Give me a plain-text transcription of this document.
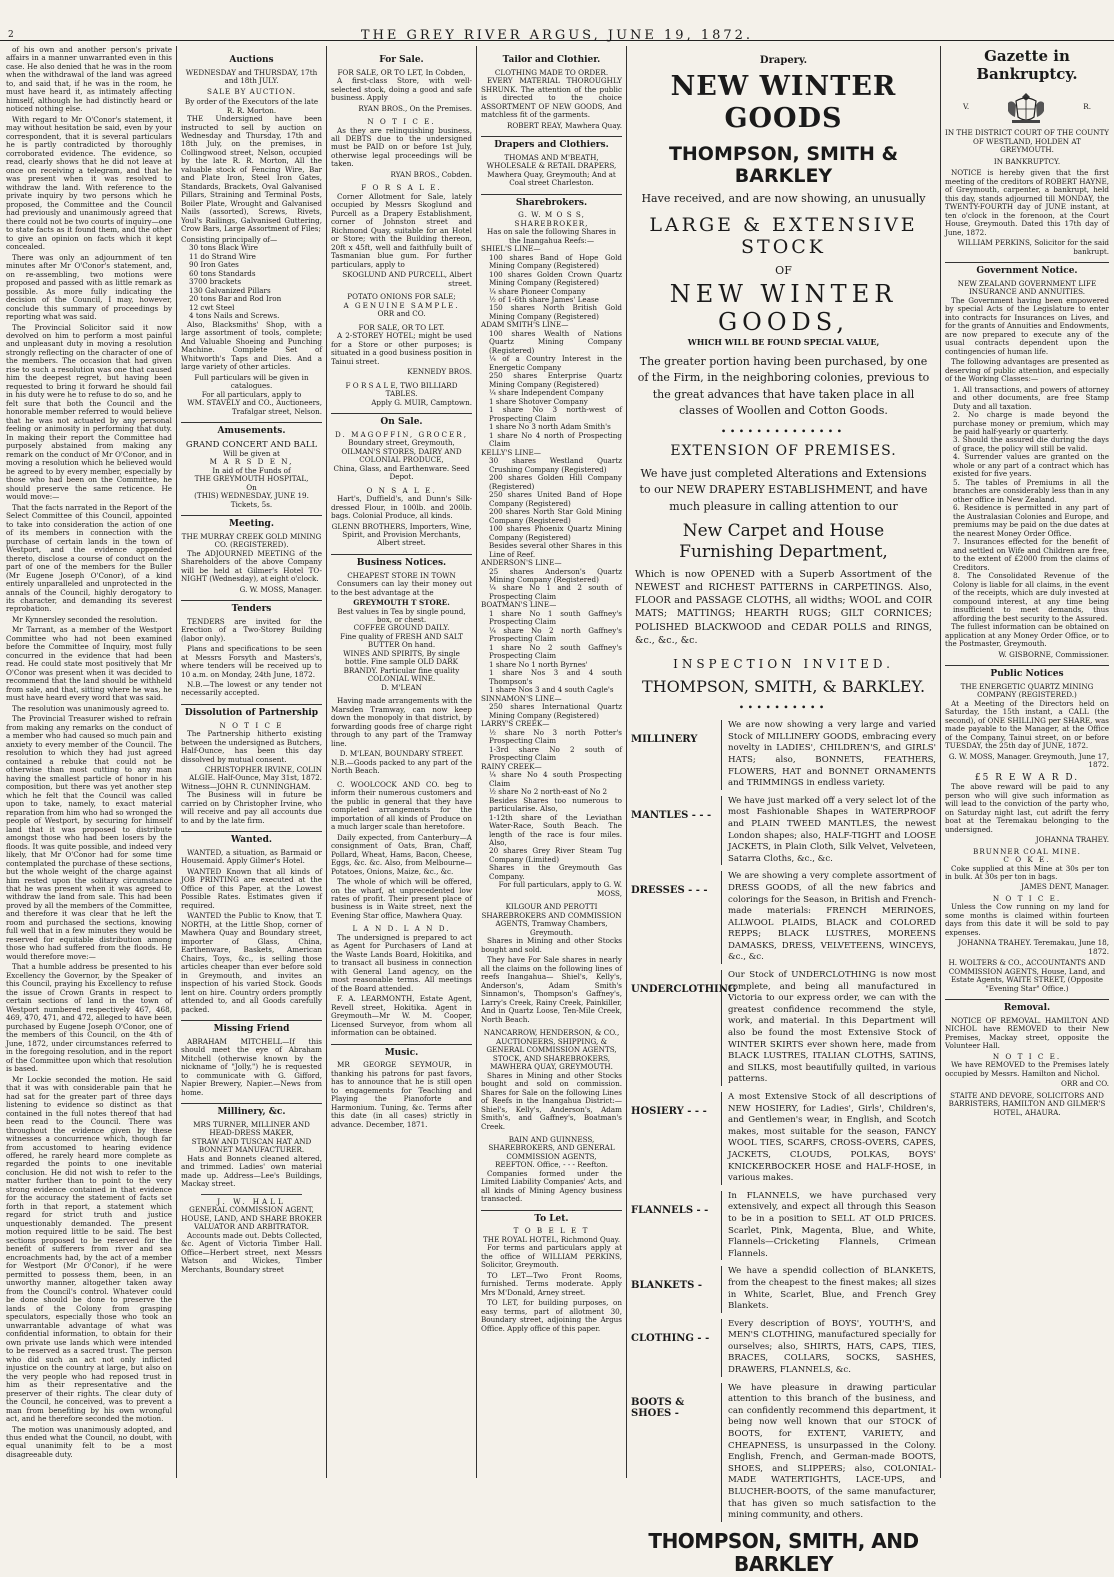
2	THE GREY RIVER ARGUS, JUNE 19, 1872.

of his own and another person's private affairs in a manner unwarranted even in this case. He also denied that he was in the room when the withdrawal of the land was agreed to, and said that, if he was in the room, he must have heard it, as intimately affecting himself, although he had distinctly heard or noticed nothing else.

With regard to Mr O'Conor's statement, it may without hesitation be said, even by your correspondent, that it is several particulars he is partly contradicted by thoroughly corroborated evidence. The evidence, so read, clearly shows that he did not leave at once on receiving a telegram, and that he was present when it was resolved to withdraw the land. With reference to the private inquiry by two persons which he proposed, the Committee and the Council had previously and unanimously agreed that there could not be two courts of inquiry—one to state facts as it found them, and the other to give an opinion on facts which it kept concealed.

There was only an adjournment of ten minutes after Mr O'Conor's statement, and, on re-assembling, two motions were proposed and passed with as little remark as possible. As more fully indicating the decision of the Council, I may, however, conclude this summary of proceedings by reporting what was said.

The Provincial Solicitor said it now devolved on him to perform a most painful and unpleasant duty in moving a resolution strongly reflecting on the character of one of the members. The occasion that had given rise to such a resolution was one that caused him the deepest regret, but having been requested to bring it forward he should fail in his duty were he to refuse to do so, and he felt sure that both the Council and the honorable member referred to would believe that he was not actuated by any personal feeling or animosity in performing that duty. In making their report the Committee had purposely abstained from making any remark on the conduct of Mr O'Conor, and in moving a resolution which he believed would be agreed to by every member, especially by those who had been on the Committee, he should preserve the same reticence. He would move:—

That the facts narrated in the Report of the Select Committee of this Council, appointed to take into consideration the action of one of its members in connection with the purchase of certain lands in the town of Westport, and the evidence appended thereto, disclose a course of conduct on the part of one of the members for the Buller (Mr Eugene Joseph O'Conor), of a kind entirely unparalleled and unprotected in the annals of the Council, highly derogatory to its character, and demanding its severest reprobation.

Mr Kynnersley seconded the resolution.

Mr Tarrant, as a member of the Westport Committee who had not been examined before the Committee of Inquiry, most fully concurred in the evidence that had been read. He could state most positively that Mr O'Conor was present when it was decided to recommend that the land should be withheld from sale, and that, sitting where he was, he must have heard every word that was said.

The resolution was unanimously agreed to.

The Provincial Treasurer wished to refrain from making any remarks on the conduct of a member who had caused so much pain and anxiety to every member of the Council. The resolution to which they had just agreed contained a rebuke that could not be otherwise than most cutting to any man having the smallest particle of honor in his composition, but there was yet another step which he felt that the Council was called upon to take, namely, to exact material reparation from him who had so wronged the people of Westport, by securing for himself land that it was proposed to distribute amongst those who had been losers by the floods. It was quite possible, and indeed very likely, that Mr O'Conor had for some time contemplated the purchase of these sections, but the whole weight of the charge against him rested upon the solitary circumstance that he was present when it was agreed to withdraw the land from sale. This had been proved by all the members of the Committee, and therefore it was clear that he left the room and purchased the sections, knowing full well that in a few minutes they would be reserved for equitable distribution among those who had suffered from the floods. He would therefore move:—

That a humble address be presented to his Excellency the Governor, by the Speaker of this Council, praying his Excellency to refuse the issue of Crown Grants in respect to certain sections of land in the town of Westport numbered respectively 467, 468, 469, 470, 471, and 472, alleged to have been purchased by Eugene Joseph O'Conor, one of the members of this Council, on the 4th of June, 1872, under circumstances referred to in the foregoing resolution, and in the report of the Committee upon which that resolution is based.

Mr Lockie seconded the motion. He said that it was with considerable pain that he had sat for the greater part of three days listening to evidence so distinct as that contained in the full notes thereof that had been read to the Council. There was throughout the evidence given by these witnesses a concurrence which, though far from accustomed to hearing evidence offered, he rarely heard more complete as regarded the points to one inevitable conclusion. He did not wish to refer to the matter further than to point to the very strong evidence contained in that evidence for the accuracy the statement of facts set forth in that report, a statement which regard for strict truth and justice unquestionably demanded. The present motion required little to be said. The best sections proposed to be reserved for the benefit of sufferers from river and sea encroachments had, by the act of a member for Westport (Mr O'Conor), if he were permitted to possess them, been, in an unworthy manner, altogether taken away from the Council's control. Whatever could be done should be done to preserve the lands of the Colony from grasping speculators, especially those who took an unwarrantable advantage of what was confidential information, to obtain for their own private use lands which were intended to be reserved as a sacred trust. The person who did such an act not only inflicted injustice on the country at large, but also on the very people who had reposed trust in him as their representative and the preserver of their rights. The clear duty of the Council, he conceived, was to prevent a man from benefiting by his own wrongful act, and he therefore seconded the motion.

The motion was unanimously adopted, and thus ended what the Council, no doubt, with equal unanimity felt to be a most disagreeable duty.

Auctions
WEDNESDAY and THURSDAY, 17th and 18th JULY.
SALE BY AUCTION.
By order of the Executors of the late R. R. Morton.

THE Undersigned have been instructed to sell by auction on Wednesday and Thursday, 17th and 18th July, on the premises, in Collingwood street, Nelson, occupied by the late R. R. Morton, All the valuable stock of Fencing Wire, Bar and Plate Iron, Steel Iron Gates, Standards, Brackets, Oval Galvanised Pillars, Straining and Terminal Posts, Boiler Plate, Wrought and Galvanised Nails (assorted), Screws, Rivets, Youl's Railings, Galvanised Guttering, Crow Bars, Large Assortment of Files;

Consisting principally of—
30 tons Black Wire
11 do Strand Wire
90 Iron Gates
60 tons Standards
3700 brackets
130 Galvanized Pillars
20 tons Bar and Rod Iron
12 cwt Steel
4 tons Nails and Screws.

Also, Blacksmiths' Shop, with a large assortment of tools, complete; And Valuable Shoeing and Punching Machine. Complete Set of Whitworth's Taps and Dies. And a large variety of other articles.

Full particulars will be given in catalogues.
For all particulars, apply to
WM. STAVELY and CO., Auctioneers, Trafalgar street, Nelson.
Amusements.
GRAND CONCERT AND BALL
Will be given at
M A R S D E N,
In aid of the Funds of
THE GREYMOUTH HOSPITAL,
On
(THIS) WEDNESDAY, JUNE 19.
Tickets, 5s.
Meeting.
THE MURRAY CREEK GOLD MINING CO. (REGISTERED).

The ADJOURNED MEETING of the Shareholders of the above Company will be held at Gilmer's Hotel TO-NIGHT (Wednesday), at eight o'clock.

G. W. MOSS, Manager.
Tenders

TENDERS are invited for the Erection of a Two-Storey Building (labor only).

Plans and specifications to be seen at Messrs Forsyth and Masters's, where tenders will be received up to 10 a.m. on Monday, 24th June, 1872.

N.B.—The lowest or any tender not necessarily accepted.

Dissolution of Partnership
N O T I C E

The Partnership hitherto existing between the undersigned as Butchers, Half-Ounce, has been this day dissolved by mutual consent.

CHRISTOPHER IRVINE, COLIN ALGIE. Half-Ounce, May 31st, 1872.
Witness—JOHN R. CUNNINGHAM.

The Business will in future be carried on by Christopher Irvine, who will receive and pay all accounts due to and by the late firm.

Wanted.

WANTED, a situation, as Barmaid or Housemaid. Apply Gilmer's Hotel.

WANTED Known that all kinds of JOB PRINTING are executed at the Office of this Paper, at the Lowest Possible Rates. Estimates given if required.

WANTED the Public to Know, that T. NORTH, at the Little Shop, corner of Mawhera Quay and Boundary street, importer of Glass, China, Earthenware, Baskets, American Chairs, Toys, &c., is selling those articles cheaper than ever before sold in Greymouth, and invites an inspection of his varied Stock. Goods lent on hire. Country orders promptly attended to, and all Goods carefully packed.

Missing Friend

ABRAHAM MITCHELL—If this should meet the eye of Abraham Mitchell (otherwise known by the nickname of "Jolly,") he is requested to communicate with G. Gifford, Napier Brewery, Napier.—News from home.

Millinery, &c.
MRS TURNER, MILLINER AND HEAD-DRESS MAKER,
STRAW AND TUSCAN HAT AND BONNET MANUFACTURER.

Hats and Bonnets cleaned altered, and trimmed. Ladies' own material made up. Address—Lee's Buildings, Mackay street.

J. W. HALL
GENERAL COMMISSION AGENT, HOUSE, LAND, AND SHARE BROKER VALUATOR AND ARBITRATOR.

Accounts made out. Debts Collected, &c. Agent of Victoria Timber Hall. Office—Herbert street, next Messrs Watson and Wickes, Timber Merchants, Boundary street

For Sale.
FOR SALE, OR TO LET, In Cobden,

A first-class Store, with well-selected stock, doing a good and safe business. Apply

RYAN BROS., On the Premises.
N O T I C E.

As they are relinquishing business, all DEBTS due to the undersigned must be PAID on or before 1st July, otherwise legal proceedings will be taken.

RYAN BROS., Cobden.
F O R S A L E.

Corner Allotment for Sale, lately occupied by Messrs Skoglund and Purcell as a Drapery Establishment, corner of Johnston street and Richmond Quay, suitable for an Hotel or Store; with the Building thereon, 20ft x 45ft, well and faithfully built of Tasmanian blue gum. For further particulars, apply to

SKOGLUND AND PURCELL, Albert street.
POTATO ONIONS FOR SALE;
A GENUINE SAMPLE.
ORR and CO.
FOR SALE, OR TO LET.

A 2-STOREY HOTEL; might be used for a Store or other purposes; is situated in a good business position in Tainui street.

KENNEDY BROS.
F O R S A L E, TWO BILLIARD TABLES.
Apply G. MUIR, Camptown.
On Sale.
D. MAGOFFIN, GROCER,
Boundary street, Greymouth,
OILMAN'S STORES, DAIRY AND COLONIAL PRODUCE,
China, Glass, and Earthenware. Seed Depot.
O N S A L E.

Hart's, Duffield's, and Dunn's Silk-dressed Flour, in 100lb. and 200lb. bags. Colonial Produce, all kinds.

GLENN BROTHERS, Importers, Wine, Spirit, and Provision Merchants, Albert street.
Business Notices.
CHEAPEST STORE IN TOWN

Consumers can lay their money out to the best advantage at the

GREYMOUTH T STORE.
Best values in Tea by single pound, box, or chest.
COFFEE GROUND DAILY.
Fine quality of FRESH AND SALT BUTTER On hand.
WINES AND SPIRITS, By single bottle. Fine sample OLD DARK BRANDY. Particular fine quality COLONIAL WINE.
D. M'LEAN

Having made arrangements with the Marsden Tramway, can now keep down the monopoly in that district, by forwarding goods free of charge right through to any part of the Tramway line.

D. M'LEAN, BOUNDARY STREET.
N.B.—Goods packed to any part of the North Beach.

C. WOOLCOCK AND CO. beg to inform their numerous customers and the public in general that they have completed arrangements for the importation of all kinds of Produce on a much larger scale than heretofore.

Daily expected, from Canterbury—A consignment of Oats, Bran, Chaff, Pollard, Wheat, Hams, Bacon, Cheese, Eggs, &c. &c. Also, from Melbourne—Potatoes, Onions, Maize, &c., &c.

The whole of which will be offered, on the wharf, at unprecedented low rates of profit. Their present place of business is in Waite street, next the Evening Star office, Mawhera Quay.

L A N D. L A N D.

The undersigned is prepared to act as Agent for Purchasers of Land at the Waste Lands Board, Hokitika, and to transact all business in connection with General Land agency, on the most reasonable terms. All meetings of the Board attended.

F. A. LEARMONTH, Estate Agent, Revell street, Hokitika. Agent in Greymouth—Mr W. M. Cooper, Licensed Surveyor, from whom all information can be obtained.

Music.

MR GEORGE SEYMOUR, in thanking his patrons for past favors, has to announce that he is still open to engagements for Teaching and Playing the Pianoforte and Harmonium. Tuning, &c. Terms after this date (in all cases) strictly in advance. December, 1871.

Tailor and Clothier.
CLOTHING MADE TO ORDER.

EVERY MATERIAL THOROUGHLY SHRUNK. The attention of the public is directed to the choice ASSORTMENT OF NEW GOODS, And matchless fit of the garments.

ROBERT REAY, Mawhera Quay.
Drapers and Clothiers.
THOMAS AND M'BEATH, WHOLESALE & RETAIL DRAPERS,
Mawhera Quay, Greymouth; And at Coal street Charleston.
Sharebrokers.
G. W. M O S S, SHAREBROKER,
Has on sale the following Shares in the Inangahua Reefs:—
SHIEL'S LINE—
100 shares Band of Hope Gold Mining Company (Registered)
100 shares Golden Crown Quartz Mining Company (Registered)
¼ share Pioneer Company
½ of 1-6th share James' Lease
150 shares North British Gold Mining Company (Registered)
ADAM SMITH'S LINE—
100 shares Wealth of Nations Quartz Mining Company (Registered)
¼ of a Country Interest in the Energetic Company
250 shares Enterprise Quartz Mining Company (Registered)
¼ share Independent Company
1 share Shotover Company
1 share No 3 north-west of Prospecting Claim
1 share No 3 north Adam Smith's
1 share No 4 north of Prospecting Claim
KELLY'S LINE—
30 shares Westland Quartz Crushing Company (Registered)
200 shares Golden Hill Company (Registered)
250 shares United Band of Hope Company (Registered)
200 shares North Star Gold Mining Company (Registered)
100 shares Phoenix Quartz Mining Company (Registered)
Besides several other Shares in this Line of Reef.
ANDERSON'S LINE—
25 shares Anderson's Quartz Mining Company (Registered)
¼ share No 1 and 2 south of Prospecting Claim
BOATMAN'S LINE—
1 share No 1 south Gaffney's Prospecting Claim
¼ share No 2 north Gaffney's Prospecting Claim
1 share No 2 south Gaffney's Prospecting Claim
1 share No 1 north Byrnes'
1 share Nos 3 and 4 south Thompson's
1 share Nos 3 and 4 south Cagle's
SINNAMON'S LINE—
250 shares International Quartz Mining Company (Registered)
LARRY'S CREEK—
½ share No 3 north Potter's Prospecting Claim
1-3rd share No 2 south of Prospecting Claim
RAINY CREEK—
¼ share No 4 south Prospecting Claim
½ share No 2 north-east of No 2
Besides Shares too numerous to particularise. Also,
1-12th share of the Leviathan Water-Race, South Beach. The length of the race is four miles. Also,
20 shares Grey River Steam Tug Company (Limited)
Shares in the Greymouth Gas Company.
For full particulars, apply to G. W. MOSS,
KILGOUR AND PEROTTI SHAREBROKERS AND COMMISSION AGENTS, Tramway Chambers, Greymouth.

Shares in Mining and other Stocks bought and sold.

They have For Sale shares in nearly all the claims on the following lines of reefs Inangahua— Shiel's, Kelly's, Anderson's, Adam Smith's Sinnamon's, Thompson's Gaffney's, Larry's Creek, Rainy Creek, Painkiller, And in Quartz Loose, Ten-Mile Creek, North Beach.

NANCARROW, HENDERSON, & CO., AUCTIONEERS, SHIPPING, & GENERAL COMMISSION AGENTS, STOCK, AND SHAREBROKERS,
MAWHERA QUAY, GREYMOUTH.

Shares in Mining and other Stocks bought and sold on commission. Shares for Sale on the following Lines of Reefs in the Inangahua District:—Shiel's, Kelly's, Anderson's, Adam Smith's, and Gaffney's, Boatman's Creek.

BAIN AND GUINNESS, SHAREBROKERS, AND GENERAL COMMISSION AGENTS,
REEFTON. Office, - - - Reefton.

Companies formed under the Limited Liability Companies' Acts, and all kinds of Mining Agency business transacted.

To Let.
T O B E L E T
THE ROYAL HOTEL, Richmond Quay.

For terms and particulars apply at the office of WILLIAM PERKINS, Solicitor, Greymouth.

TO LET—Two Front Rooms, furnished. Terms moderate. Apply Mrs M'Donald, Arney street.

TO LET, for building purposes, on easy terms, part of allotment 30, Boundary street, adjoining the Argus Office. Apply office of this paper.

Drapery.
NEW WINTER GOODS
THOMPSON, SMITH & BARKLEY
Have received, and are now showing, an unusually
LARGE & EXTENSIVE STOCK
OF
NEW WINTER GOODS,
WHICH WILL BE FOUND SPECIAL VALUE,
The greater portion having been purchased, by one of the Firm, in the neighboring colonies, previous to the great advances that have taken place in all classes of Woollen and Cotton Goods.
∙∙∙∙∙∙∙∙∙∙∙∙∙∙
EXTENSION OF PREMISES.
We have just completed Alterations and Extensions to our NEW DRAPERY ESTABLISHMENT, and have much pleasure in calling attention to our
New Carpet and House Furnishing Department,
Which is now OPENED with a Superb Assortment of the NEWEST and RICHEST PATTERNS in CARPETINGS. Also, FLOOR and PASSAGE CLOTHS, all widths; WOOL and COIR MATS; MATTINGS; HEARTH RUGS; GILT CORNICES; POLISHED BLACKWOOD and CEDAR POLLS and RINGS, &c., &c., &c.
INSPECTION INVITED.
THOMPSON, SMITH, & BARKLEY.
∙∙∙∙∙∙∙∙∙∙
MILLINERY
We are now showing a very large and varied Stock of MILLINERY GOODS, embracing every novelty in LADIES', CHILDREN'S, and GIRLS' HATS; also, BONNETS, FEATHERS, FLOWERS, HAT and BONNET ORNAMENTS and TRIMMINGS in endless variety.
MANTLES - - -
We have just marked off a very select lot of the most Fashionable Shapes in WATERPROOF and PLAIN TWEED MANTLES, the newest London shapes; also, HALF-TIGHT and LOOSE JACKETS, in Plain Cloth, Silk Velvet, Velveteen, Satarra Cloths, &c., &c.
DRESSES - - -
We are showing a very complete assortment of DRESS GOODS, of all the new fabrics and colorings for the Season, in British and French-made materials: FRENCH MERINOES, ALLWOOL PLAIDS, BLACK and COLORED REPPS; BLACK LUSTRES, MOREENS DAMASKS, DRESS, VELVETEENS, WINCEYS, &c., &c.
UNDERCLOTHING
Our Stock of UNDERCLOTHING is now most complete, and being all manufactured in Victoria to our express order, we can with the greatest confidence recommend the style, work, and material. In this Department will also be found the most Extensive Stock of WINTER SKIRTS ever shown here, made from BLACK LUSTRES, ITALIAN CLOTHS, SATINS, and SILKS, most beautifully quilted, in various patterns.
HOSIERY - - -
A most Extensive Stock of all descriptions of NEW HOSIERY, for Ladies', Girls', Children's, and Gentlemen's wear, in English, and Scotch makes, most suitable for the season, FANCY WOOL TIES, SCARFS, CROSS-OVERS, CAPES, JACKETS, CLOUDS, POLKAS, BOYS' KNICKERBOCKER HOSE and HALF-HOSE, in various makes.
FLANNELS - -
In FLANNELS, we have purchased very extensively, and expect all through this Season to be in a position to SELL AT OLD PRICES. Scarlet, Pink, Magenta, Blue, and White, Flannels—Cricketing Flannels, Crimean Flannels.
BLANKETS -
We have a spendid collection of BLANKETS, from the cheapest to the finest makes; all sizes in White, Scarlet, Blue, and French Grey Blankets.
CLOTHING - -
Every description of BOYS', YOUTH'S, and MEN'S CLOTHING, manufactured specially for ourselves; also, SHIRTS, HATS, CAPS, TIES, BRACES, COLLARS, SOCKS, SASHES, DRAWERS, FLANNELS, &c.
BOOTS & SHOES -
We have pleasure in drawing particular attention to this branch of the business, and can confidently recommend this department, it being now well known that our STOCK of BOOTS, for EXTENT, VARIETY, and CHEAPNESS, is unsurpassed in the Colony. English, French, and German-made BOOTS, SHOES, and SLIPPERS; also, COLONIAL-MADE WATERTIGHTS, LACE-UPS, and BLUCHER-BOOTS, of the same manufacturer, that has given so much satisfaction to the mining community, and others.
THOMPSON, SMITH, AND BARKLEY
Gazette in Bankruptcy.
V.	R.
IN THE DISTRICT COURT OF THE COUNTY OF WESTLAND, HOLDEN AT GREYMOUTH.
IN BANKRUPTCY.

NOTICE is hereby given that the first meeting of the creditors of ROBERT HAYNE, of Greymouth, carpenter, a bankrupt, held this day, stands adjourned till MONDAY, the TWENTY-FOURTH day of JUNE instant, at ten o'clock in the forenoon, at the Court House, Greymouth. Dated this 17th day of June, 1872.

WILLIAM PERKINS, Solicitor for the said bankrupt.
Government Notice.
NEW ZEALAND GOVERNMENT LIFE INSURANCE AND ANNUITIES.

The Government having been empowered by special Acts of the Legislature to enter into contracts for Insurances on Lives, and for the grants of Annuities and Endowments, are now prepared to execute any of the usual contracts dependent upon the contingencies of human life.

The following advantages are presented as deserving of public attention, and especially of the Working Classes:—

1. All transactions, and powers of attorney and other documents, are free Stamp Duty and all taxation.
2. No charge is made beyond the purchase money or premium, which may be paid half-yearly or quarterly.
3. Should the assured die during the days of grace, the policy will still be valid.
4. Surrender values are granted on the whole or any part of a contract which has existed for five years.
5. The tables of Premiums in all the branches are considerably less than in any other office in New Zealand.
6. Residence is permitted in any part of the Australasian Colonies and Europe, and premiums may be paid on the due dates at the nearest Money Order Office.
7. Insurances effected for the benefit of and settled on Wife and Children are free, to the extent of £2000 from the claims of Creditors.
8. The Consolidated Revenue of the Colony is liable for all claims, in the event of the receipts, which are duly invested at compound interest, at any time being insufficient to meet demands, thus affording the best security to the Assured.

The fullest information can be obtained on application at any Money Order Office, or to the Postmaster, Greymouth.

W. GISBORNE, Commissioner.
Public Notices
THE ENERGETIC QUARTZ MINING COMPANY (REGISTERED.)

At a Meeting of the Directors held on Saturday, the 15th instant, a CALL (the second), of ONE SHILLING per SHARE, was made payable to the Manager, at the Office of the Company, Tainui street, on or before TUESDAY, the 25th day of JUNE, 1872.

G. W. MOSS, Manager. Greymouth, June 17, 1872.
£5 R E W A R D.

The above reward will be paid to any person who will give such information as will lead to the conviction of the party who, on Saturday night last, cut adrift the ferry boat at the Teremakau belonging to the undersigned.

JOHANNA TRAHEY.
BRUNNER COAL MINE.
C O K E.

Coke supplied at this Mine at 30s per ton in bulk. At 30s per ton in bags.

JAMES DENT, Manager.
N O T I C E.

Unless the Cow running on my land for some months is claimed within fourteen days from this date it will be sold to pay expenses.

JOHANNA TRAHEY. Teremakau, June 18, 1872.
H. WOLTERS & CO., ACCOUNTANTS AND COMMISSION AGENTS, House, Land, and Estate Agents, WAITE STREET, (Opposite "Evening Star" Office.)
Removal.

NOTICE OF REMOVAL. HAMILTON AND NICHOL have REMOVED to their New Premises, Mackay street, opposite the Volunteer Hall.

N O T I C E.

We have REMOVED to the Premises lately occupied by Messrs. Hamilton and Nichol.

ORR and CO.
STAITE AND DEVORE, SOLICITORS AND BARRISTERS, HAMILTON AND GILMER'S HOTEL, AHAURA.
